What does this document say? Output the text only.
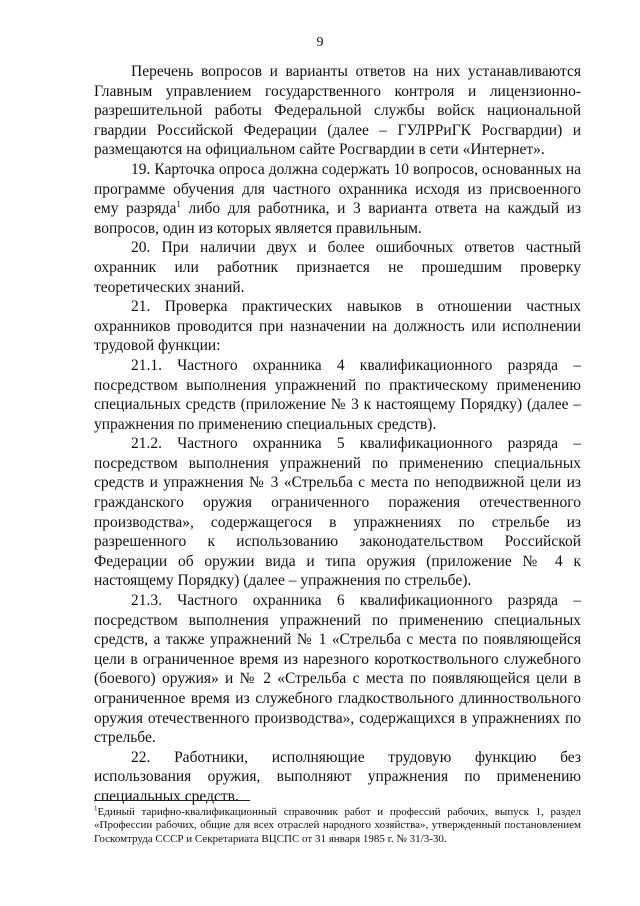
9

Перечень вопросов и варианты ответов на них устанавливаются Главным управлением государственного контроля и лицензионно-разрешительной работы Федеральной службы войск национальной гвардии Российской Федерации (далее – ГУЛРРиГК Росгвардии) и размещаются на официальном сайте Росгвардии в сети «Интернет».

19. Карточка опроса должна содержать 10 вопросов, основанных на программе обучения для частного охранника исходя из присвоенного ему разряда$^1$ либо для работника, и 3 варианта ответа на каждый из вопросов, один из которых является правильным.

20. При наличии двух и более ошибочных ответов частный охранник или работник признается не прошедшим проверку теоретических знаний.

21. Проверка практических навыков в отношении частных охранников проводится при назначении на должность или исполнении трудовой функции:

21.1. Частного охранника 4 квалификационного разряда – посредством выполнения упражнений по практическому применению специальных средств (приложение № 3 к настоящему Порядку) (далее – упражнения по применению специальных средств).

21.2. Частного охранника 5 квалификационного разряда – посредством выполнения упражнений по применению специальных средств и упражнения № 3 «Стрельба с места по неподвижной цели из гражданского оружия ограниченного поражения отечественного производства», содержащегося в упражнениях по стрельбе из разрешенного к использованию законодательством Российской Федерации об оружии вида и типа оружия (приложение № 4 к настоящему Порядку) (далее – упражнения по стрельбе).

21.3. Частного охранника 6 квалификационного разряда – посредством выполнения упражнений по применению специальных средств, а также упражнений № 1 «Стрельба с места по появляющейся цели в ограниченное время из нарезного короткоствольного служебного (боевого) оружия» и № 2 «Стрельба с места по появляющейся цели в ограниченное время из служебного гладкоствольного длинноствольного оружия отечественного производства», содержащихся в упражнениях по стрельбе.

22. Работники, исполняющие трудовую функцию без использования оружия, выполняют упражнения по применению специальных средств.

$^1$Единый тарифно-квалификационный справочник работ и профессий рабочих, выпуск 1, раздел «Профессии рабочих, общие для всех отраслей народного хозяйства», утвержденный постановлением Госкомтруда СССР и Секретариата ВЦСПС от 31 января 1985 г. № 31/3-30.
